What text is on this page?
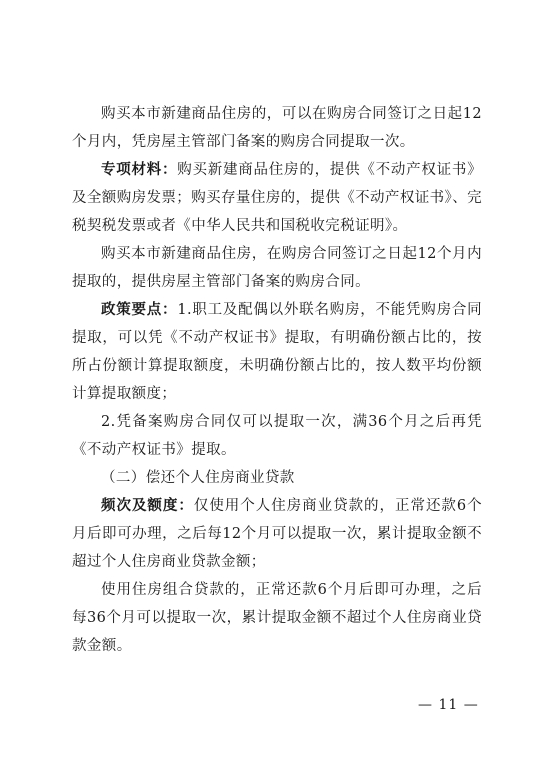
购买本市新建商品住房的，可以在购房合同签订之日起12个月内，凭房屋主管部门备案的购房合同提取一次。

专项材料：购买新建商品住房的，提供《不动产权证书》及全额购房发票；购买存量住房的，提供《不动产权证书》、完税契税发票或者《中华人民共和国税收完税证明》。

购买本市新建商品住房，在购房合同签订之日起12个月内提取的，提供房屋主管部门备案的购房合同。

政策要点：1.职工及配偶以外联名购房，不能凭购房合同提取，可以凭《不动产权证书》提取，有明确份额占比的，按所占份额计算提取额度，未明确份额占比的，按人数平均份额计算提取额度；

2.凭备案购房合同仅可以提取一次，满36个月之后再凭《不动产权证书》提取。

（二）偿还个人住房商业贷款

频次及额度：仅使用个人住房商业贷款的，正常还款6个月后即可办理，之后每12个月可以提取一次，累计提取金额不超过个人住房商业贷款金额；

使用住房组合贷款的，正常还款6个月后即可办理，之后每36个月可以提取一次，累计提取金额不超过个人住房商业贷款金额。

— 11 —
